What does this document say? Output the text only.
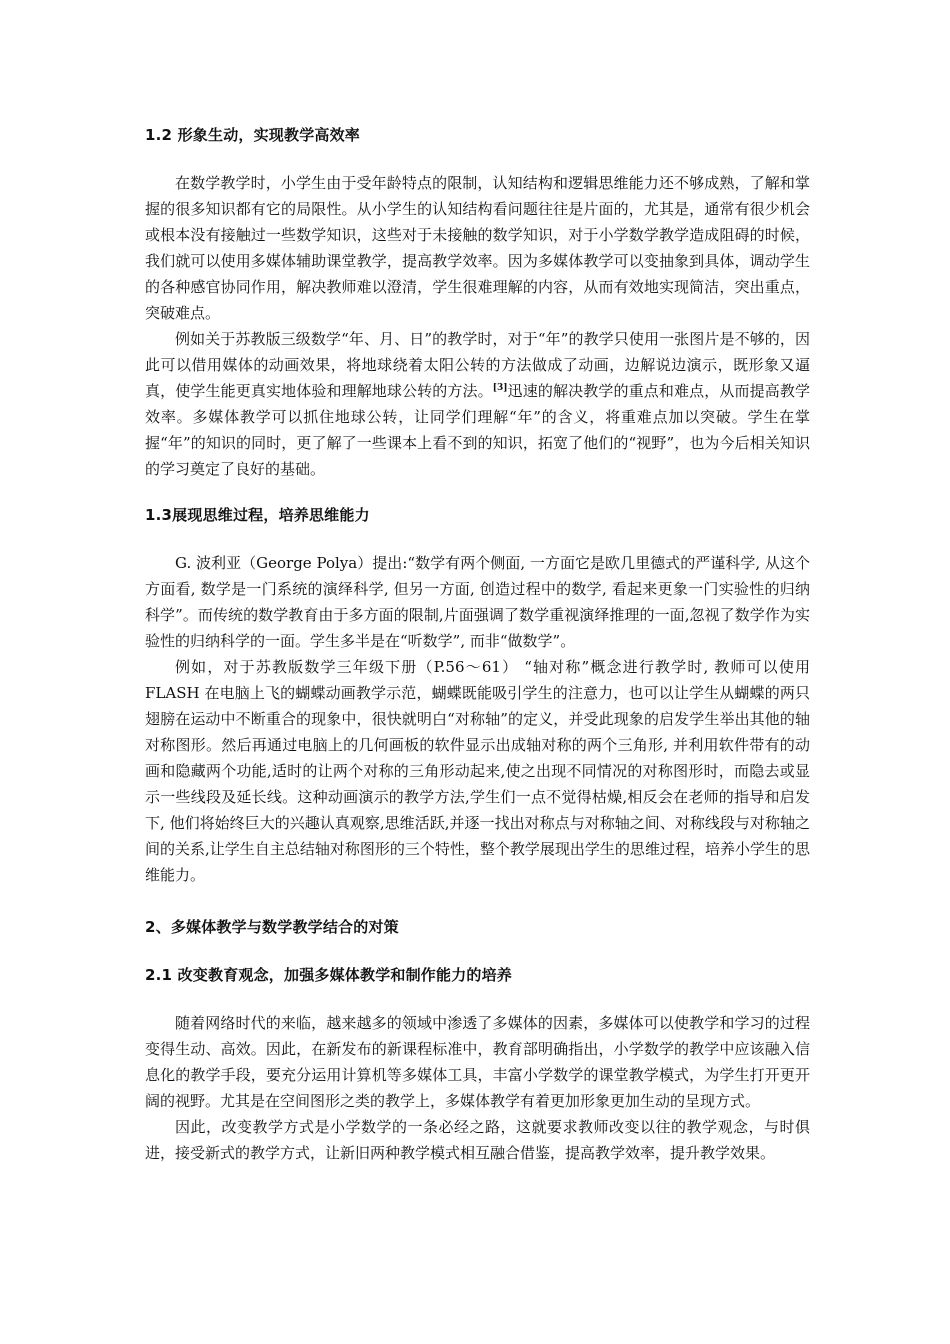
1.2 形象生动，实现教学高效率

在数学教学时，小学生由于受年龄特点的限制，认知结构和逻辑思维能力还不够成熟，了解和掌握的很多知识都有它的局限性。从小学生的认知结构看问题往往是片面的，尤其是，通常有很少机会或根本没有接触过一些数学知识，这些对于未接触的数学知识，对于小学数学教学造成阻碍的时候，我们就可以使用多媒体辅助课堂教学，提高教学效率。因为多媒体教学可以变抽象到具体，调动学生的各种感官协同作用，解决教师难以澄清，学生很难理解的内容，从而有效地实现简洁，突出重点，突破难点。

例如关于苏教版三级数学“年、月、日”的教学时，对于“年”的教学只使用一张图片是不够的，因此可以借用媒体的动画效果，将地球绕着太阳公转的方法做成了动画，边解说边演示，既形象又逼真，使学生能更真实地体验和理解地球公转的方法。[3]迅速的解决教学的重点和难点，从而提高教学效率。多媒体教学可以抓住地球公转，让同学们理解“年”的含义，将重难点加以突破。学生在掌握“年”的知识的同时，更了解了一些课本上看不到的知识，拓宽了他们的“视野”，也为今后相关知识的学习奠定了良好的基础。

1.3展现思维过程，培养思维能力

G. 波利亚（George Polya）提出:“数学有两个侧面, 一方面它是欧几里德式的严谨科学, 从这个方面看, 数学是一门系统的演绎科学, 但另一方面, 创造过程中的数学, 看起来更象一门实验性的归纳科学”。而传统的数学教育由于多方面的限制,片面强调了数学重视演绎推理的一面,忽视了数学作为实验性的归纳科学的一面。学生多半是在“听数学”, 而非“做数学”。

例如，对于苏教版数学三年级下册（P.56～61） “轴对称”概念进行教学时, 教师可以使用 FLASH 在电脑上飞的蝴蝶动画教学示范，蝴蝶既能吸引学生的注意力，也可以让学生从蝴蝶的两只翅膀在运动中不断重合的现象中，很快就明白“对称轴”的定义，并受此现象的启发学生举出其他的轴对称图形。然后再通过电脑上的几何画板的软件显示出成轴对称的两个三角形, 并利用软件带有的动画和隐藏两个功能,适时的让两个对称的三角形动起来,使之出现不同情况的对称图形时，而隐去或显示一些线段及延长线。这种动画演示的教学方法,学生们一点不觉得枯燥,相反会在老师的指导和启发下, 他们将始终巨大的兴趣认真观察,思维活跃,并逐一找出对称点与对称轴之间、对称线段与对称轴之间的关系,让学生自主总结轴对称图形的三个特性，整个教学展现出学生的思维过程，培养小学生的思维能力。

2、多媒体教学与数学教学结合的对策
2.1 改变教育观念，加强多媒体教学和制作能力的培养

随着网络时代的来临，越来越多的领域中渗透了多媒体的因素，多媒体可以使教学和学习的过程变得生动、高效。因此，在新发布的新课程标准中，教育部明确指出，小学数学的教学中应该融入信息化的教学手段，要充分运用计算机等多媒体工具，丰富小学数学的课堂教学模式，为学生打开更开阔的视野。尤其是在空间图形之类的教学上，多媒体教学有着更加形象更加生动的呈现方式。

因此，改变教学方式是小学数学的一条必经之路，这就要求教师改变以往的教学观念，与时俱进，接受新式的教学方式，让新旧两种教学模式相互融合借鉴，提高教学效率，提升教学效果。
